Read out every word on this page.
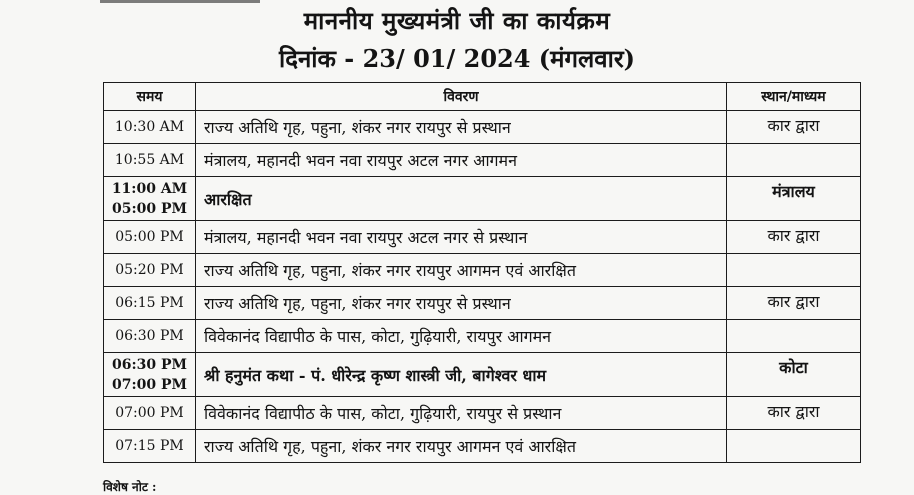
माननीय मुख्यमंत्री जी का कार्यक्रम
दिनांक - 23/ 01/ 2024 (मंगलवार)
समय	विवरण	स्थान/माध्यम
10:30 AM	राज्य अतिथि गृह, पहुना, शंकर नगर रायपुर से प्रस्थान	कार द्वारा
10:55 AM	मंत्रालय, महानदी भवन नवा रायपुर अटल नगर आगमन	

11:00 AM
05:00 PM	आरक्षित	मंत्रालय
05:00 PM	मंत्रालय, महानदी भवन नवा रायपुर अटल नगर से प्रस्थान	कार द्वारा
05:20 PM	राज्य अतिथि गृह, पहुना, शंकर नगर रायपुर आगमन एवं आरक्षित	
06:15 PM	राज्य अतिथि गृह, पहुना, शंकर नगर रायपुर से प्रस्थान	कार द्वारा
06:30 PM	विवेकानंद विद्यापीठ के पास, कोटा, गुढ़ियारी, रायपुर आगमन	

06:30 PM
07:00 PM	श्री हनुमंत कथा - पं. धीरेन्द्र कृष्ण शास्त्री जी, बागेश्वर धाम	कोटा
07:00 PM	विवेकानंद विद्यापीठ के पास, कोटा, गुढ़ियारी, रायपुर से प्रस्थान	कार द्वारा
07:15 PM	राज्य अतिथि गृह, पहुना, शंकर नगर रायपुर आगमन एवं आरक्षित	
विशेष नोट :
